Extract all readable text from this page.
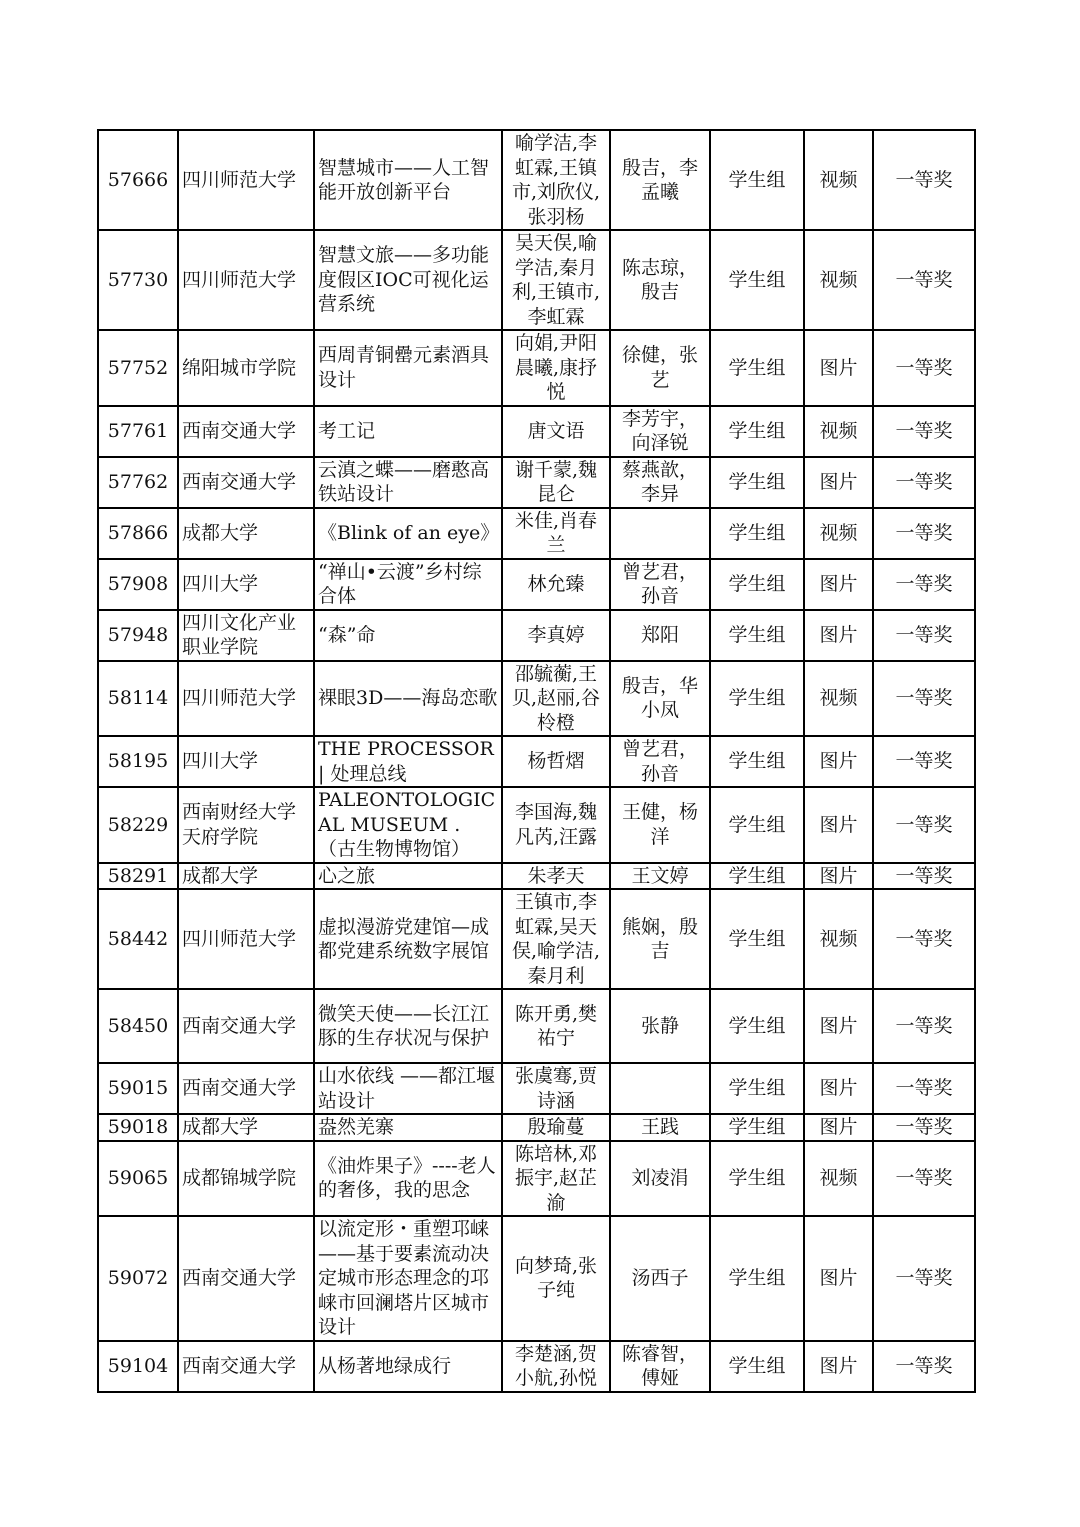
57666	四川师范大学	智慧城市——人工智能开放创新平台	喻学洁,李虹霖,王镇市,刘欣仪,张羽杨	殷吉，李孟曦	学生组	视频	一等奖
57730	四川师范大学	智慧文旅——多功能度假区IOC可视化运营系统	吴天俣,喻学洁,秦月利,王镇市,李虹霖	陈志琼，殷吉	学生组	视频	一等奖
57752	绵阳城市学院	西周青铜罍元素酒具设计	向娟,尹阳晨曦,康抒悦	徐健，张艺	学生组	图片	一等奖
57761	西南交通大学	考工记	唐文语	李芳宇，向泽锐	学生组	视频	一等奖
57762	西南交通大学	云滇之蝶——磨憨高铁站设计	谢千蒙,魏昆仑	蔡燕歆，李异	学生组	图片	一等奖
57866	成都大学	《Blink of an eye》	米佳,肖春兰		学生组	视频	一等奖
57908	四川大学	“禅山•云渡”乡村综合体	林允臻	曾艺君，孙音	学生组	图片	一等奖
57948	四川文化产业职业学院	“森”命	李真婷	郑阳	学生组	图片	一等奖
58114	四川师范大学	裸眼3D——海岛恋歌	邵毓蘅,王贝,赵丽,谷柃橙	殷吉，华小凤	学生组	视频	一等奖
58195	四川大学	THE PROCESSOR | 处理总线	杨哲熠	曾艺君，孙音	学生组	图片	一等奖
58229	西南财经大学天府学院	PALEONTOLOGICAL MUSEUM .（古生物博物馆）	李国海,魏凡芮,汪露	王健，杨洋	学生组	图片	一等奖
58291	成都大学	心之旅	朱孝天	王文婷	学生组	图片	一等奖
58442	四川师范大学	虚拟漫游党建馆—成都党建系统数字展馆	王镇市,李虹霖,吴天俣,喻学洁,秦月利	熊娴，殷吉	学生组	视频	一等奖
58450	西南交通大学	微笑天使——长江江豚的生存状况与保护	陈开勇,樊祐宁	张静	学生组	图片	一等奖
59015	西南交通大学	山水依线 ——都江堰站设计	张虞骞,贾诗涵		学生组	图片	一等奖
59018	成都大学	盎然羌寨	殷瑜蔓	王践	学生组	图片	一等奖
59065	成都锦城学院	《油炸果子》----老人的奢侈，我的思念	陈培林,邓振宇,赵芷渝	刘凌涓	学生组	视频	一等奖
59072	西南交通大学	以流定形・重塑邛崃——基于要素流动决定城市形态理念的邛崃市回澜塔片区城市设计	向梦琦,张子纯	汤西子	学生组	图片	一等奖
59104	西南交通大学	从杨著地绿成行	李楚涵,贺小航,孙悦	陈睿智，傅娅	学生组	图片	一等奖
